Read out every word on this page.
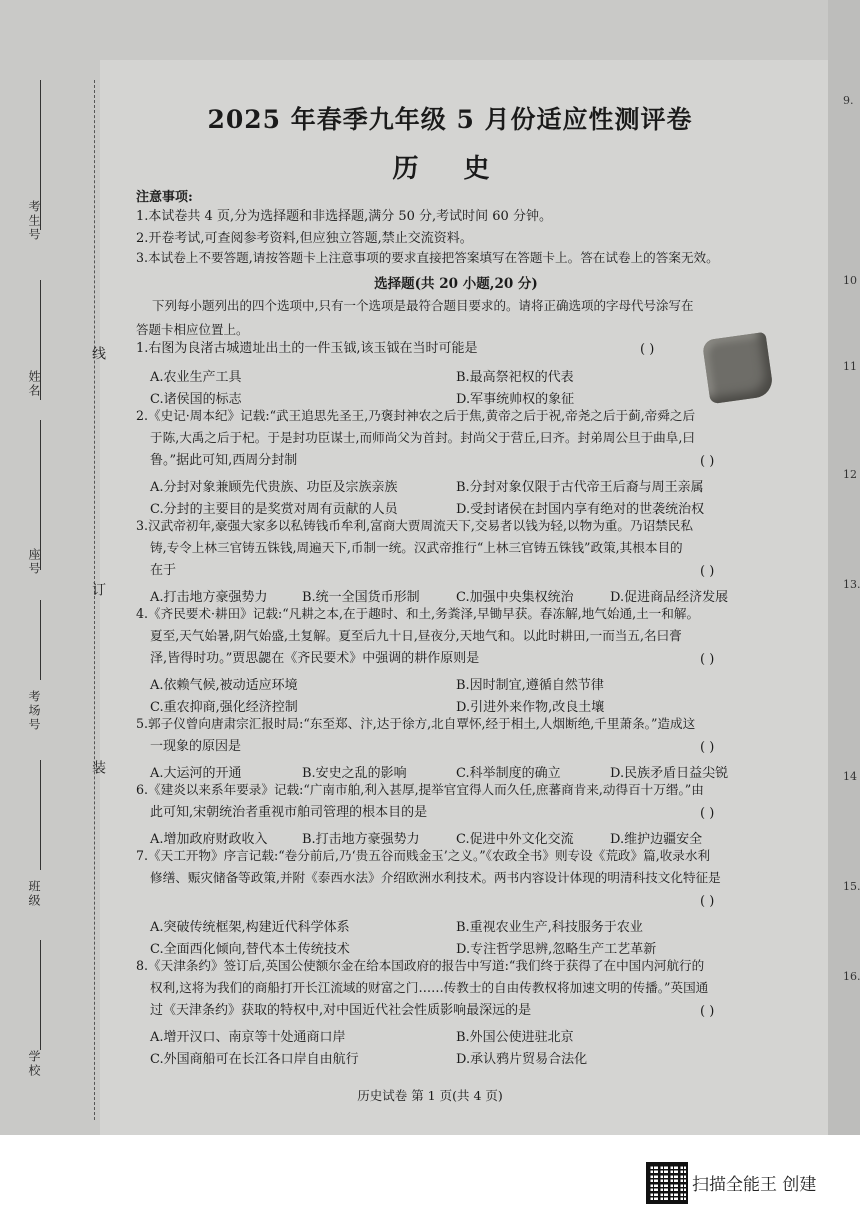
9.
10
11
12
13.
14
15.
16.
考生号
姓名
座号
考场号
班级
学校
线
订
装
2025 年春季九年级 5 月份适应性测评卷
历 史
注意事项:
1.本试卷共 4 页,分为选择题和非选择题,满分 50 分,考试时间 60 分钟。
2.开卷考试,可查阅参考资料,但应独立答题,禁止交流资料。
3.本试卷上不要答题,请按答题卡上注意事项的要求直接把答案填写在答题卡上。答在试卷上的答案无效。
选择题(共 20 小题,20 分)
下列每小题列出的四个选项中,只有一个选项是最符合题目要求的。请将正确选项的字母代号涂写在
答题卡相应位置上。
1.右图为良渚古城遗址出土的一件玉钺,该玉钺在当时可能是	( )
A.农业生产工具	B.最高祭祀权的代表
C.诸侯国的标志	D.军事统帅权的象征
2.《史记·周本纪》记载:“武王追思先圣王,乃褒封神农之后于焦,黄帝之后于祝,帝尧之后于蓟,帝舜之后
于陈,大禹之后于杞。于是封功臣谋士,而师尚父为首封。封尚父于营丘,曰齐。封弟周公旦于曲阜,曰
鲁。”据此可知,西周分封制	( )
A.分封对象兼顾先代贵族、功臣及宗族亲族	B.分封对象仅限于古代帝王后裔与周王亲属
C.分封的主要目的是奖赏对周有贡献的人员	D.受封诸侯在封国内享有绝对的世袭统治权
3.汉武帝初年,豪强大家多以私铸钱币牟利,富商大贾周流天下,交易者以钱为轻,以物为重。乃诏禁民私
铸,专令上林三官铸五铢钱,周遍天下,币制一统。汉武帝推行“上林三官铸五铢钱”政策,其根本目的
在于	( )
A.打击地方豪强势力	B.统一全国货币形制	C.加强中央集权统治	D.促进商品经济发展
4.《齐民要术·耕田》记载:“凡耕之本,在于趣时、和土,务粪泽,早锄早获。春冻解,地气始通,土一和解。
夏至,天气始暑,阴气始盛,土复解。夏至后九十日,昼夜分,天地气和。以此时耕田,一而当五,名曰膏
泽,皆得时功。”贾思勰在《齐民要术》中强调的耕作原则是	( )
A.依赖气候,被动适应环境	B.因时制宜,遵循自然节律
C.重农抑商,强化经济控制	D.引进外来作物,改良土壤
5.郭子仪曾向唐肃宗汇报时局:“东至郑、汴,达于徐方,北自覃怀,经于相土,人烟断绝,千里萧条。”造成这
一现象的原因是	( )
A.大运河的开通	B.安史之乱的影响	C.科举制度的确立	D.民族矛盾日益尖锐
6.《建炎以来系年要录》记载:“广南市舶,利入甚厚,提举官宜得人而久任,庶蕃商肯来,动得百十万缗。”由
此可知,宋朝统治者重视市舶司管理的根本目的是	( )
A.增加政府财政收入	B.打击地方豪强势力	C.促进中外文化交流	D.维护边疆安全
7.《天工开物》序言记载:“卷分前后,乃‘贵五谷而贱金玉’之义。”《农政全书》则专设《荒政》篇,收录水利
修缮、赈灾储备等政策,并附《泰西水法》介绍欧洲水利技术。两书内容设计体现的明清科技文化特征是
( )
A.突破传统框架,构建近代科学体系	B.重视农业生产,科技服务于农业
C.全面西化倾向,替代本土传统技术	D.专注哲学思辨,忽略生产工艺革新
8.《天津条约》签订后,英国公使额尔金在给本国政府的报告中写道:“我们终于获得了在中国内河航行的
权利,这将为我们的商船打开长江流域的财富之门……传教士的自由传教权将加速文明的传播。”英国通
过《天津条约》获取的特权中,对中国近代社会性质影响最深远的是	( )
A.增开汉口、南京等十处通商口岸	B.外国公使进驻北京
C.外国商船可在长江各口岸自由航行	D.承认鸦片贸易合法化
历史试卷 第 1 页(共 4 页)
扫描全能王 创建
